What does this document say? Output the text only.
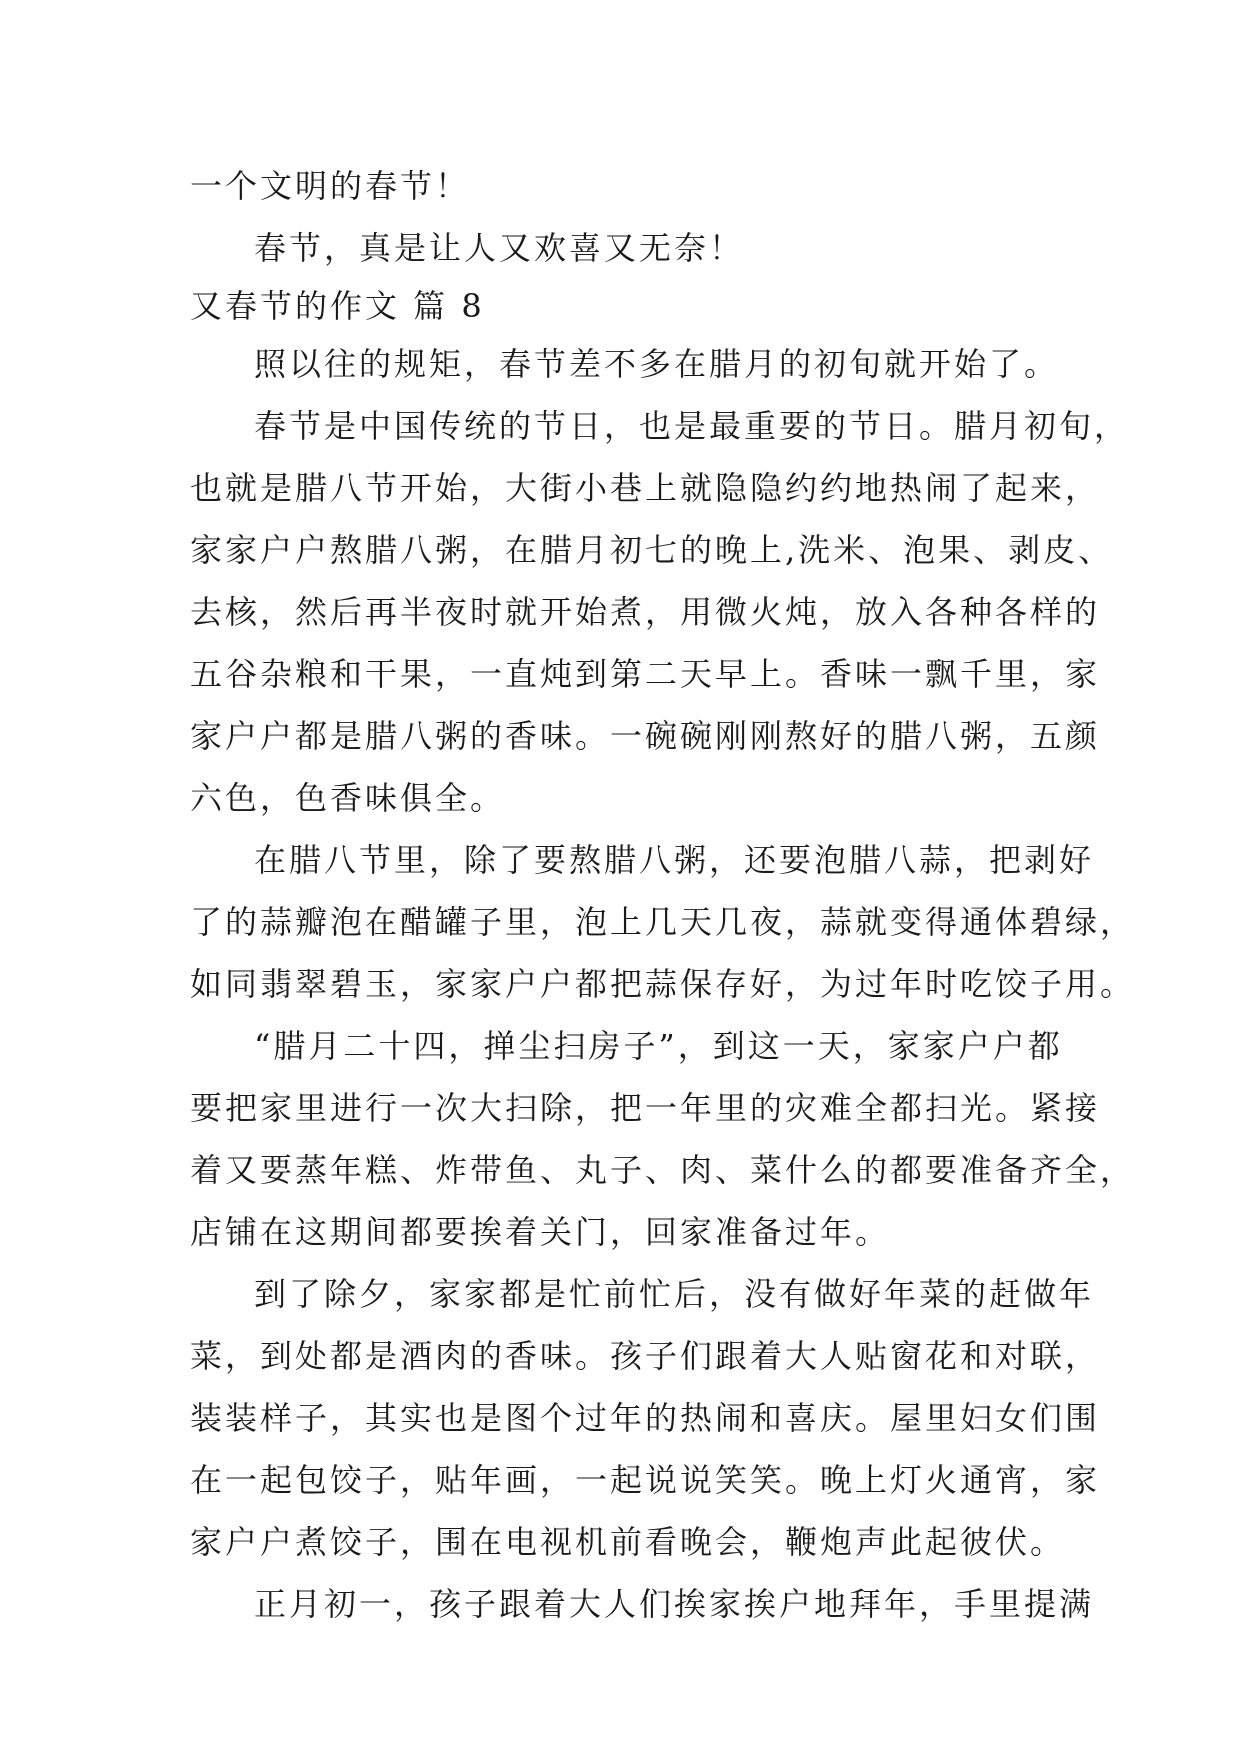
一个文明的春节！
春节，真是让人又欢喜又无奈！
又春节的作文 篇 8
照以往的规矩，春节差不多在腊月的初旬就开始了。
春节是中国传统的节日，也是最重要的节日。腊月初旬，
也就是腊八节开始，大街小巷上就隐隐约约地热闹了起来，
家家户户熬腊八粥，在腊月初七的晚上,洗米、泡果、剥皮、
去核，然后再半夜时就开始煮，用微火炖，放入各种各样的
五谷杂粮和干果，一直炖到第二天早上。香味一飘千里，家
家户户都是腊八粥的香味。一碗碗刚刚熬好的腊八粥，五颜
六色，色香味俱全。
在腊八节里，除了要熬腊八粥，还要泡腊八蒜，把剥好
了的蒜瓣泡在醋罐子里，泡上几天几夜，蒜就变得通体碧绿，
如同翡翠碧玉，家家户户都把蒜保存好，为过年时吃饺子用。
“腊月二十四，掸尘扫房子”，到这一天，家家户户都
要把家里进行一次大扫除，把一年里的灾难全都扫光。紧接
着又要蒸年糕、炸带鱼、丸子、肉、菜什么的都要准备齐全，
店铺在这期间都要挨着关门，回家准备过年。
到了除夕，家家都是忙前忙后，没有做好年菜的赶做年
菜，到处都是酒肉的香味。孩子们跟着大人贴窗花和对联，
装装样子，其实也是图个过年的热闹和喜庆。屋里妇女们围
在一起包饺子，贴年画，一起说说笑笑。晚上灯火通宵，家
家户户煮饺子，围在电视机前看晚会，鞭炮声此起彼伏。
正月初一，孩子跟着大人们挨家挨户地拜年，手里提满
